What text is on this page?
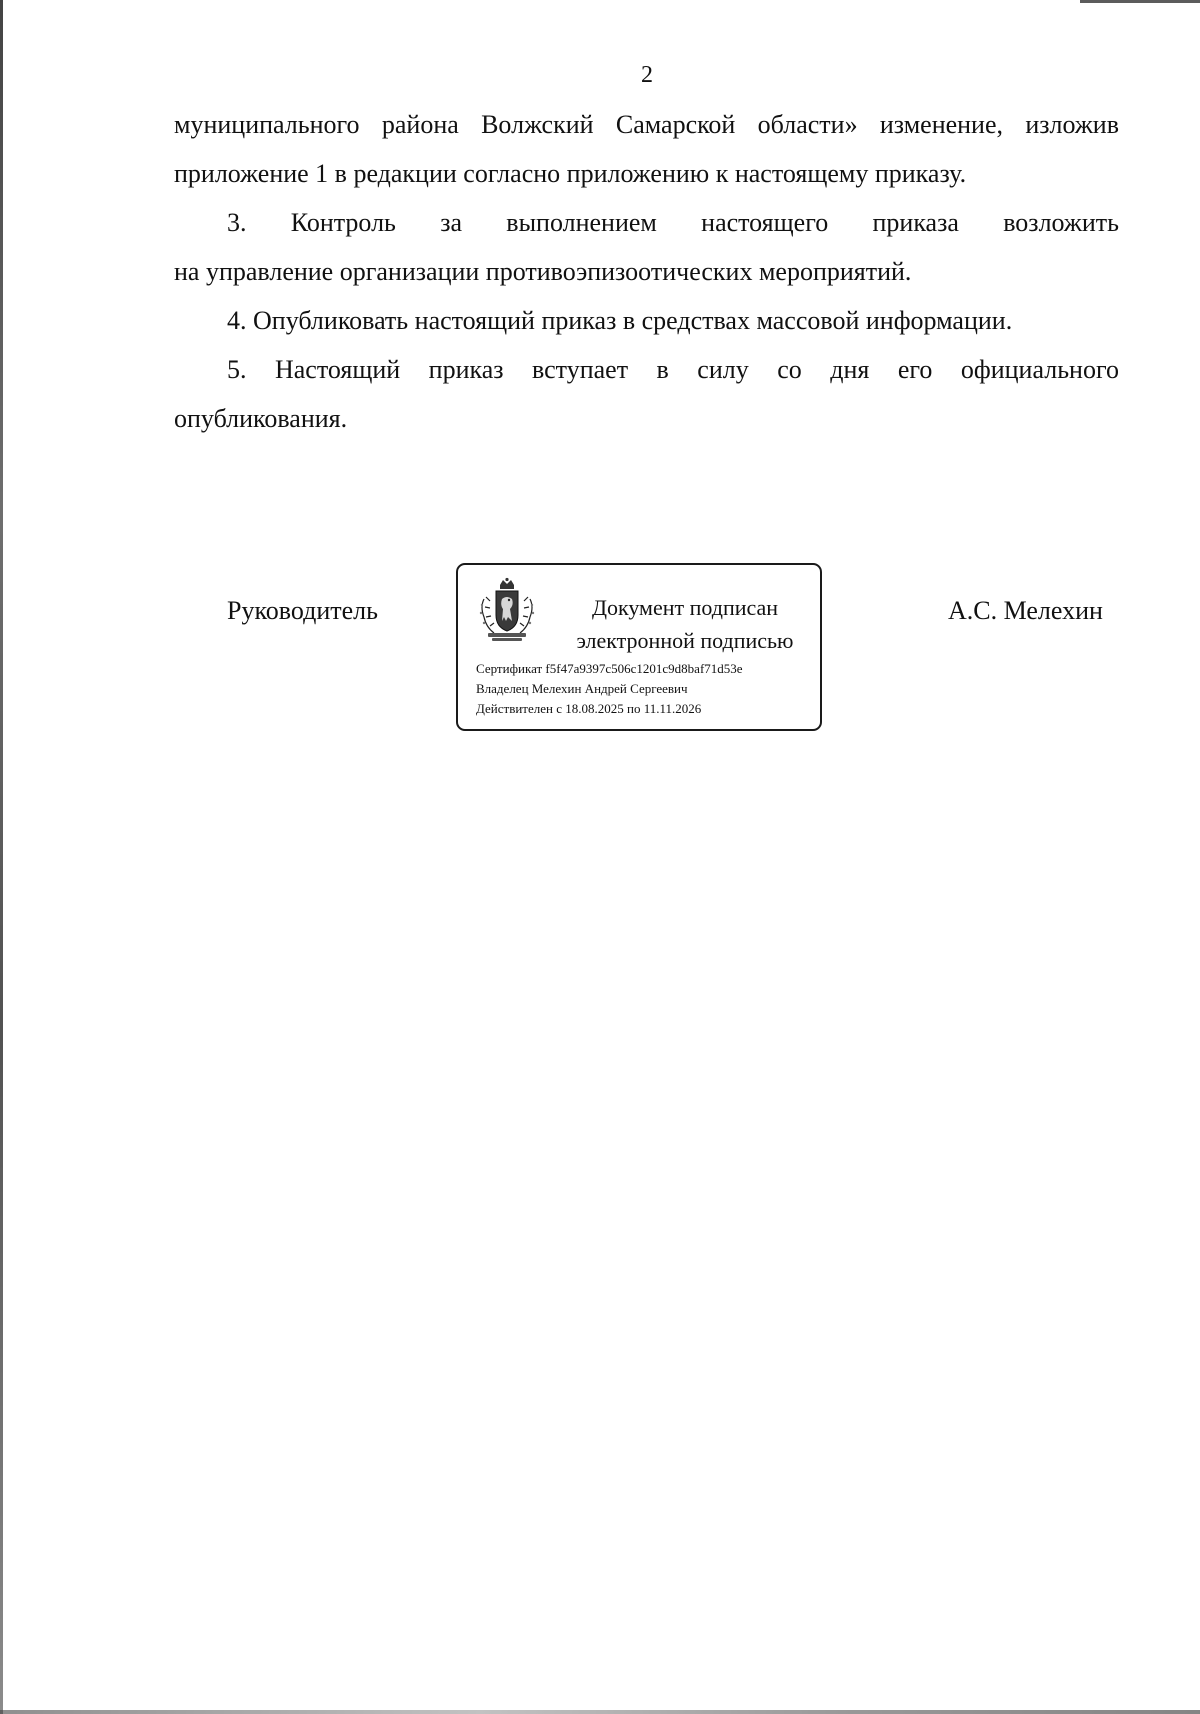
2

муниципального района Волжский Самарской области» изменение, изложив
приложение 1 в редакции согласно приложению к настоящему приказу.

3. Контроль за выполнением настоящего приказа возложить
на управление организации противоэпизоотических мероприятий.

4. Опубликовать настоящий приказ в средствах массовой информации.

5. Настоящий приказ вступает в силу со дня его официального
опубликования.

Руководитель	Документ подписан
электронной подписью
Сертификат f5f47a9397c506c1201c9d8baf71d53e
Владелец Мелехин Андрей Сергеевич
Действителен с 18.08.2025 по 11.11.2026
А.С. Мелехин
